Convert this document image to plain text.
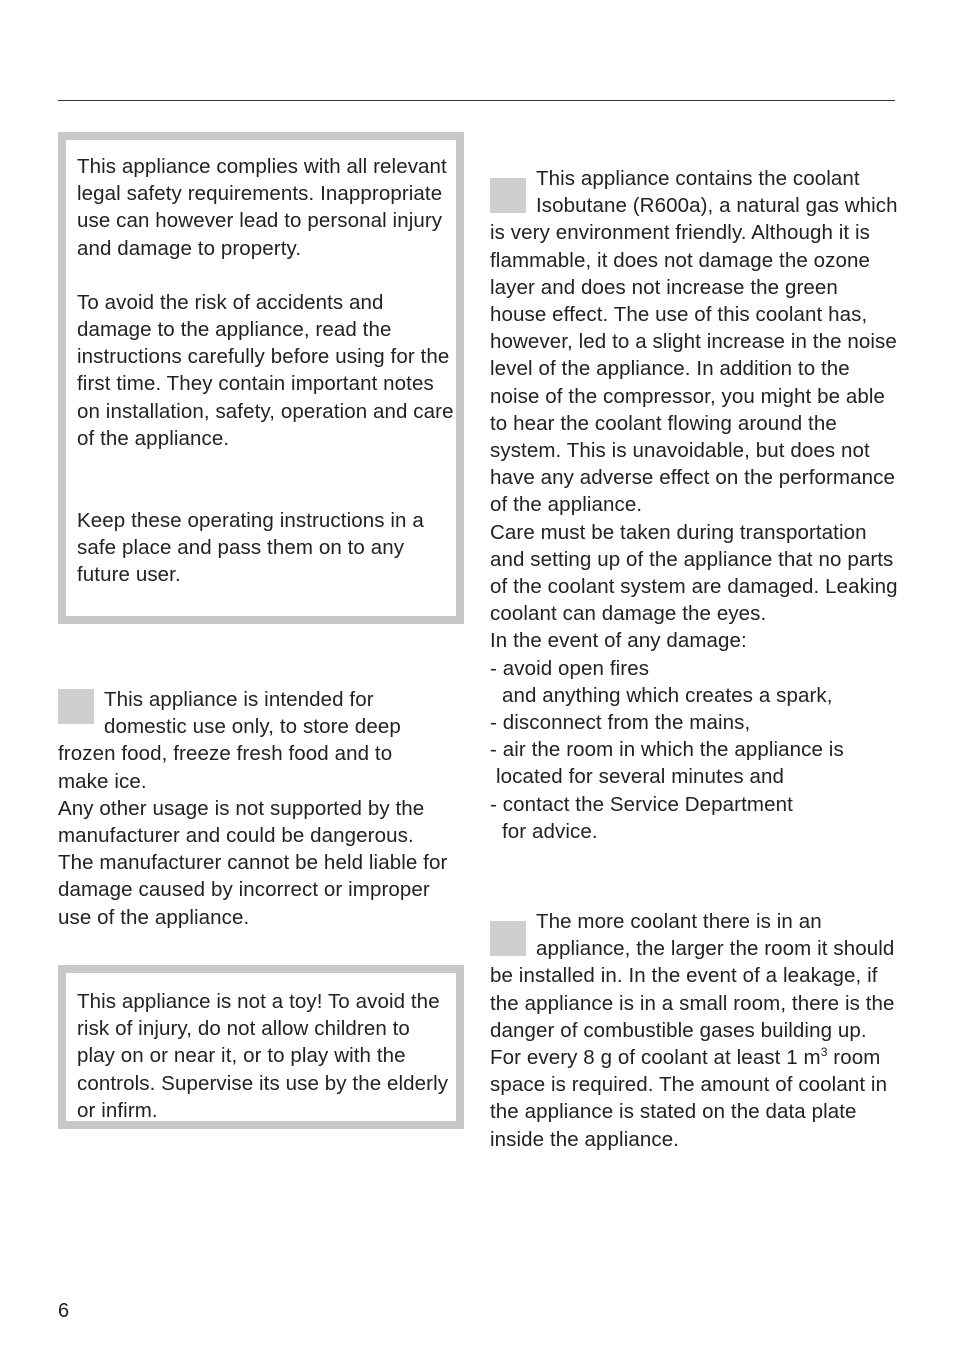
This appliance complies with all relevant legal safety requirements. Inappropriate use can however lead to personal injury and damage to property.

To avoid the risk of accidents and damage to the appliance, read the instructions carefully before using for the first time. They contain important notes on installation, safety, operation and care of the appliance.

Keep these operating instructions in a safe place and pass them on to any future user.

This appliance is intended for domestic use only, to store deep frozen food, freeze fresh food and to make ice.

Any other usage is not supported by the manufacturer and could be dangerous. The manufacturer cannot be held liable for damage caused by incorrect or improper use of the appliance.

This appliance is not a toy! To avoid the risk of injury, do not allow children to play on or near it, or to play with the controls. Supervise its use by the elderly or infirm.

This appliance contains the coolant Isobutane (R600a), a natural gas which is very environment friendly. Although it is flammable, it does not damage the ozone layer and does not increase the green house effect. The use of this coolant has, however, led to a slight increase in the noise level of the appliance. In addition to the noise of the compressor, you might be able to hear the coolant flowing around the system. This is unavoidable, but does not have any adverse effect on the performance of the appliance.

Care must be taken during transportation and setting up of the appliance that no parts of the coolant system are damaged. Leaking coolant can damage the eyes.

In the event of any damage:

- avoid open fires

and anything which creates a spark,

- disconnect from the mains,

- air the room in which the appliance is

located for several minutes and

- contact the Service Department

for advice.

The more coolant there is in an appliance, the larger the room it should be installed in. In the event of a leakage, if the appliance is in a small room, there is the danger of combustible gases building up.

For every 8 g of coolant at least 1 $m^3$ room space is required. The amount of coolant in the appliance is stated on the data plate inside the appliance.

6
